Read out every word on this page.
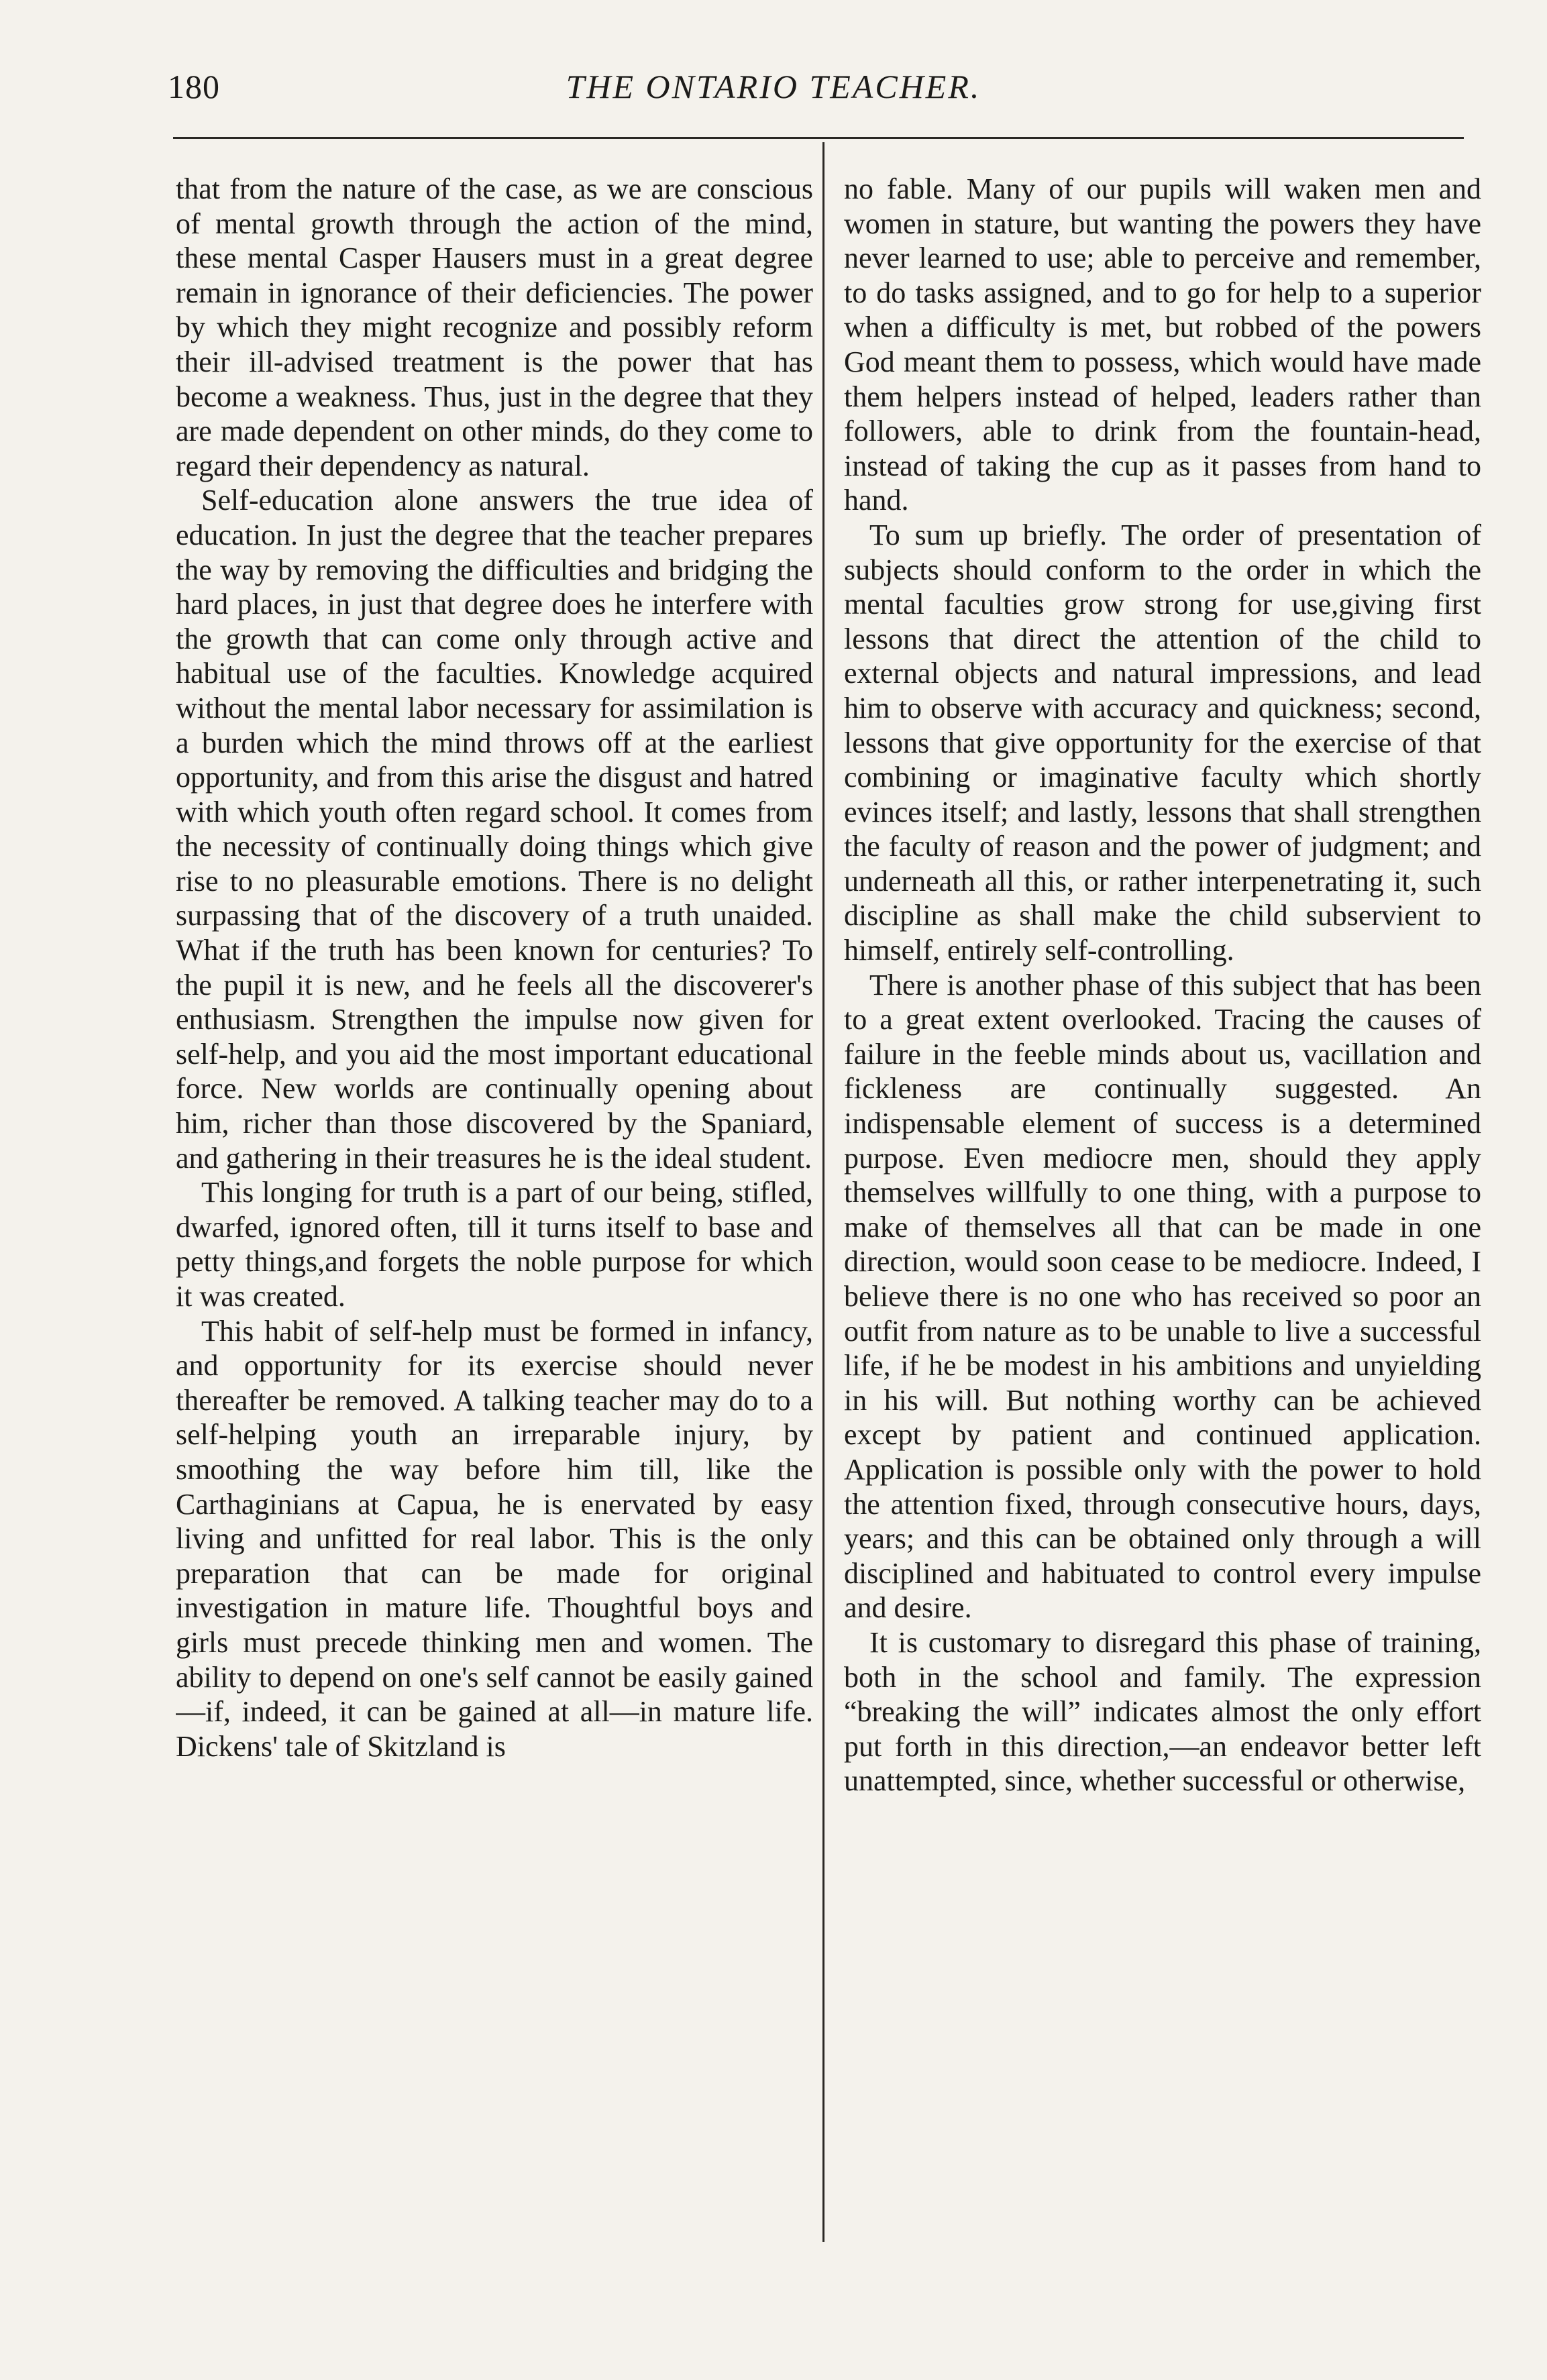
180	THE ONTARIO TEACHER.

that from the nature of the case, as we are conscious of mental growth through the action of the mind, these mental Casper Hausers must in a great degree remain in ignorance of their deficiencies. The power by which they might recognize and possibly reform their ill-advised treatment is the power that has become a weakness. Thus, just in the degree that they are made dependent on other minds, do they come to regard their dependency as natural.

Self-education alone answers the true idea of education. In just the degree that the teacher prepares the way by removing the difficulties and bridging the hard places, in just that degree does he interfere with the growth that can come only through active and habitual use of the faculties. Knowledge acquired without the mental labor necessary for assimilation is a burden which the mind throws off at the earliest opportunity, and from this arise the disgust and hatred with which youth often regard school. It comes from the necessity of continually doing things which give rise to no pleasurable emotions. There is no delight surpassing that of the discovery of a truth unaided. What if the truth has been known for centuries? To the pupil it is new, and he feels all the discoverer's enthusiasm. Strengthen the impulse now given for self-help, and you aid the most important educational force. New worlds are continually opening about him, richer than those discovered by the Spaniard, and gathering in their treasures he is the ideal student.

This longing for truth is a part of our being, stifled, dwarfed, ignored often, till it turns itself to base and petty things,and forgets the noble purpose for which it was created.

This habit of self-help must be formed in infancy, and opportunity for its exercise should never thereafter be removed. A talking teacher may do to a self-helping youth an irreparable injury, by smoothing the way before him till, like the Carthaginians at Capua, he is enervated by easy living and unfitted for real labor. This is the only preparation that can be made for original investigation in mature life. Thoughtful boys and girls must precede thinking men and women. The ability to depend on one's self cannot be easily gained—if, indeed, it can be gained at all—in mature life. Dickens' tale of Skitzland is

no fable. Many of our pupils will waken men and women in stature, but wanting the powers they have never learned to use; able to perceive and remember, to do tasks assigned, and to go for help to a superior when a difficulty is met, but robbed of the powers God meant them to possess, which would have made them helpers instead of helped, leaders rather than followers, able to drink from the fountain-head, instead of taking the cup as it passes from hand to hand.

To sum up briefly. The order of presentation of subjects should conform to the order in which the mental faculties grow strong for use,giving first lessons that direct the attention of the child to external objects and natural impressions, and lead him to observe with accuracy and quickness; second, lessons that give opportunity for the exercise of that combining or imaginative faculty which shortly evinces itself; and lastly, lessons that shall strengthen the faculty of reason and the power of judgment; and underneath all this, or rather interpenetrating it, such discipline as shall make the child subservient to himself, entirely self-controlling.

There is another phase of this subject that has been to a great extent overlooked. Tracing the causes of failure in the feeble minds about us, vacillation and fickleness are continually suggested. An indispensable element of success is a determined purpose. Even mediocre men, should they apply themselves willfully to one thing, with a purpose to make of themselves all that can be made in one direction, would soon cease to be mediocre. Indeed, I believe there is no one who has received so poor an outfit from nature as to be unable to live a successful life, if he be modest in his ambitions and unyielding in his will. But nothing worthy can be achieved except by patient and continued application. Application is possible only with the power to hold the attention fixed, through consecutive hours, days, years; and this can be obtained only through a will disciplined and habituated to control every impulse and desire.

It is customary to disregard this phase of training, both in the school and family. The expression “breaking the will” indicates almost the only effort put forth in this direction,—an endeavor better left unattempted, since, whether successful or otherwise,
